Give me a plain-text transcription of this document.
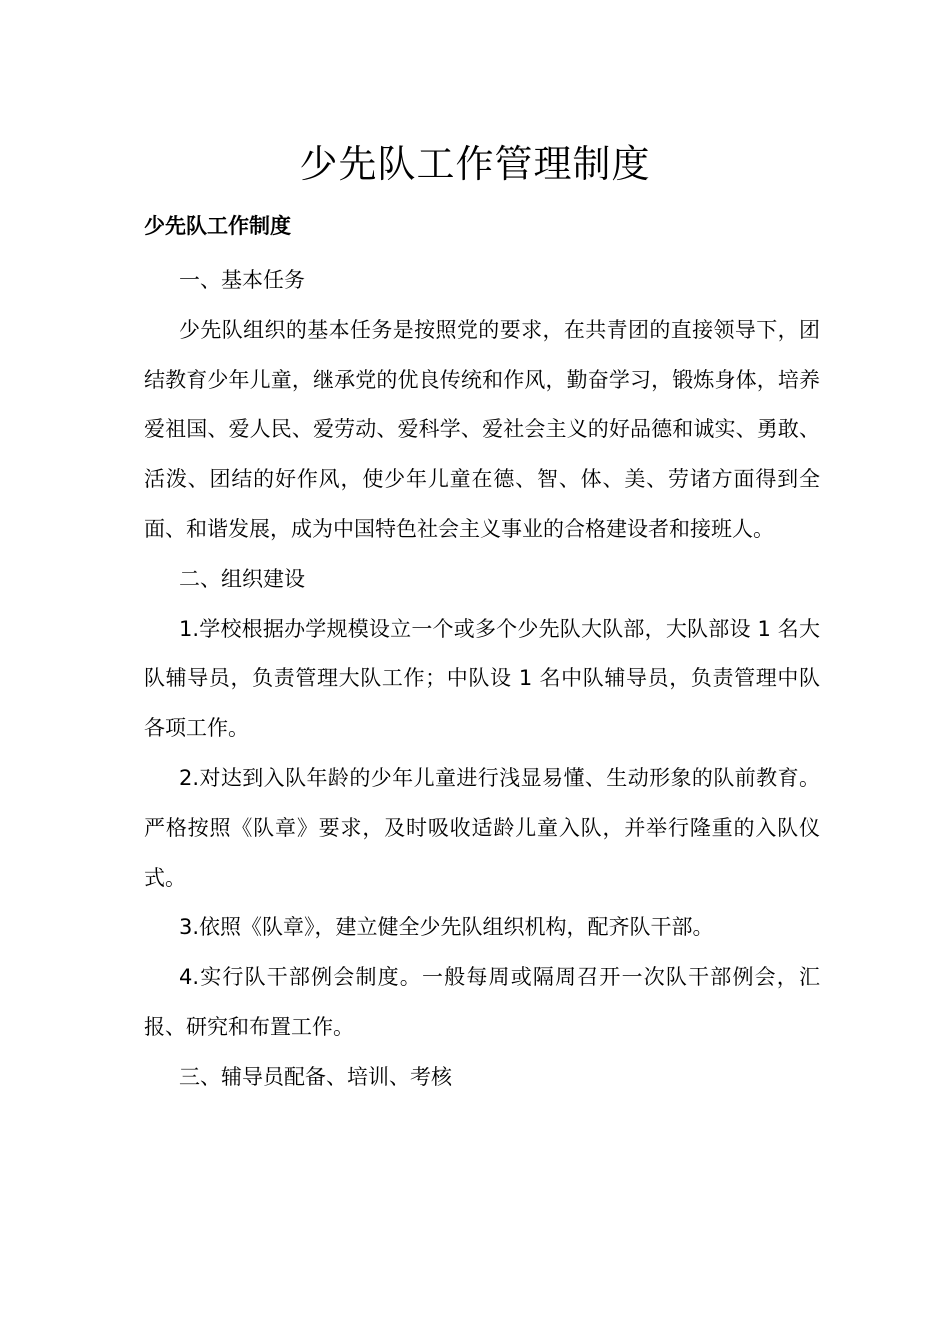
少先队工作管理制度
少先队工作制度

一、基本任务

少先队组织的基本任务是按照党的要求，在共青团的直接领导下，团结教育少年儿童，继承党的优良传统和作风，勤奋学习，锻炼身体，培养爱祖国、爱人民、爱劳动、爱科学、爱社会主义的好品德和诚实、勇敢、活泼、团结的好作风，使少年儿童在德、智、体、美、劳诸方面得到全面、和谐发展，成为中国特色社会主义事业的合格建设者和接班人。

二、组织建设

1.学校根据办学规模设立一个或多个少先队大队部，大队部设 1 名大队辅导员，负责管理大队工作；中队设 1 名中队辅导员，负责管理中队各项工作。

2.对达到入队年龄的少年儿童进行浅显易懂、生动形象的队前教育。严格按照《队章》要求，及时吸收适龄儿童入队，并举行隆重的入队仪式。

3.依照《队章》，建立健全少先队组织机构，配齐队干部。

4.实行队干部例会制度。一般每周或隔周召开一次队干部例会，汇报、研究和布置工作。

三、辅导员配备、培训、考核
